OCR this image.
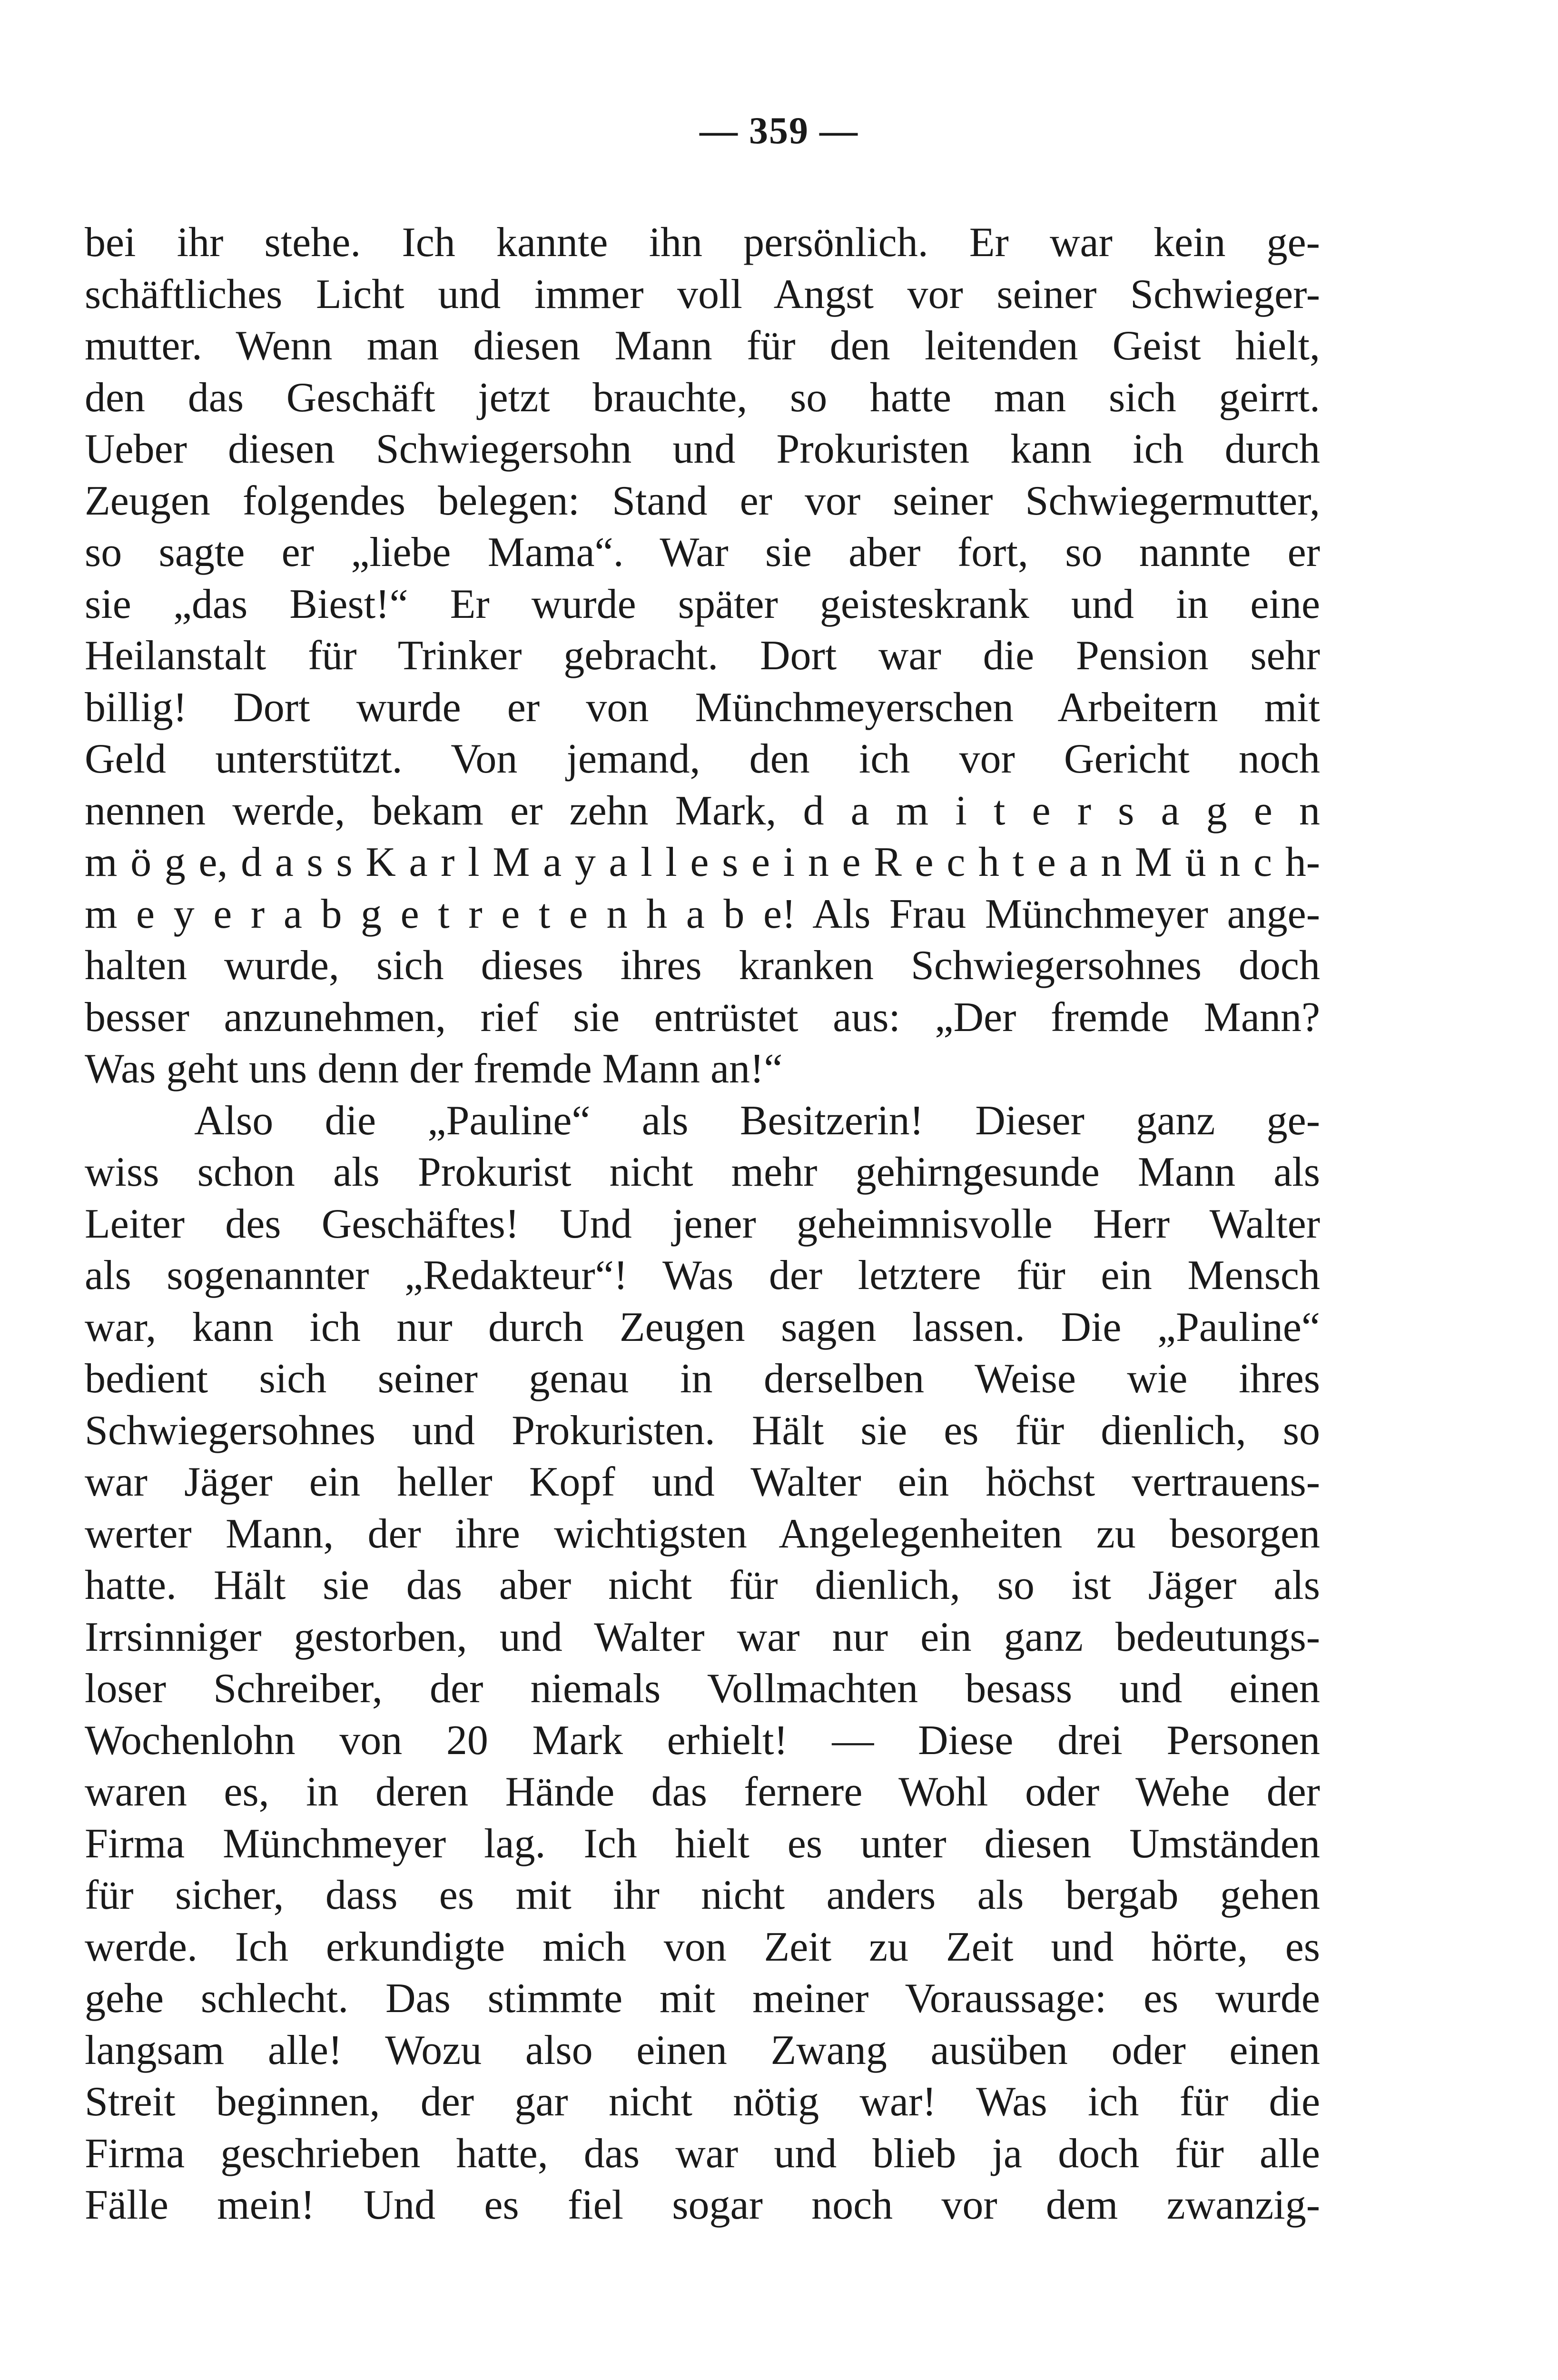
— 359 —
bei ihr stehe. Ich kannte ihn persönlich. Er war kein ge-
schäftliches Licht und immer voll Angst vor seiner Schwieger-
mutter. Wenn man diesen Mann für den leitenden Geist hielt,
den das Geschäft jetzt brauchte, so hatte man sich geirrt.
Ueber diesen Schwiegersohn und Prokuristen kann ich durch
Zeugen folgendes belegen: Stand er vor seiner Schwiegermutter,
so sagte er „liebe Mama“. War sie aber fort, so nannte er
sie „das Biest!“ Er wurde später geisteskrank und in eine
Heilanstalt für Trinker gebracht. Dort war die Pension sehr
billig! Dort wurde er von Münchmeyerschen Arbeitern mit
Geld unterstützt. Von jemand, den ich vor Gericht noch
nennen werde, bekam er zehn Mark, d a m i t e r s a g e n
m ö g e, d a s s K a r l M a y a l l e s e i n e R e c h t e a n M ü n c h-
m e y e r a b g e t r e t e n h a b e! Als Frau Münchmeyer ange-
halten wurde, sich dieses ihres kranken Schwiegersohnes doch
besser anzunehmen, rief sie entrüstet aus: „Der fremde Mann?
Was geht uns denn der fremde Mann an!“
Also die „Pauline“ als Besitzerin! Dieser ganz ge-
wiss schon als Prokurist nicht mehr gehirngesunde Mann als
Leiter des Geschäftes! Und jener geheimnisvolle Herr Walter
als sogenannter „Redakteur“! Was der letztere für ein Mensch
war, kann ich nur durch Zeugen sagen lassen. Die „Pauline“
bedient sich seiner genau in derselben Weise wie ihres
Schwiegersohnes und Prokuristen. Hält sie es für dienlich, so
war Jäger ein heller Kopf und Walter ein höchst vertrauens-
werter Mann, der ihre wichtigsten Angelegenheiten zu besorgen
hatte. Hält sie das aber nicht für dienlich, so ist Jäger als
Irrsinniger gestorben, und Walter war nur ein ganz bedeutungs-
loser Schreiber, der niemals Vollmachten besass und einen
Wochenlohn von 20 Mark erhielt! — Diese drei Personen
waren es, in deren Hände das fernere Wohl oder Wehe der
Firma Münchmeyer lag. Ich hielt es unter diesen Umständen
für sicher, dass es mit ihr nicht anders als bergab gehen
werde. Ich erkundigte mich von Zeit zu Zeit und hörte, es
gehe schlecht. Das stimmte mit meiner Voraussage: es wurde
langsam alle! Wozu also einen Zwang ausüben oder einen
Streit beginnen, der gar nicht nötig war! Was ich für die
Firma geschrieben hatte, das war und blieb ja doch für alle
Fälle mein! Und es fiel sogar noch vor dem zwanzig-
